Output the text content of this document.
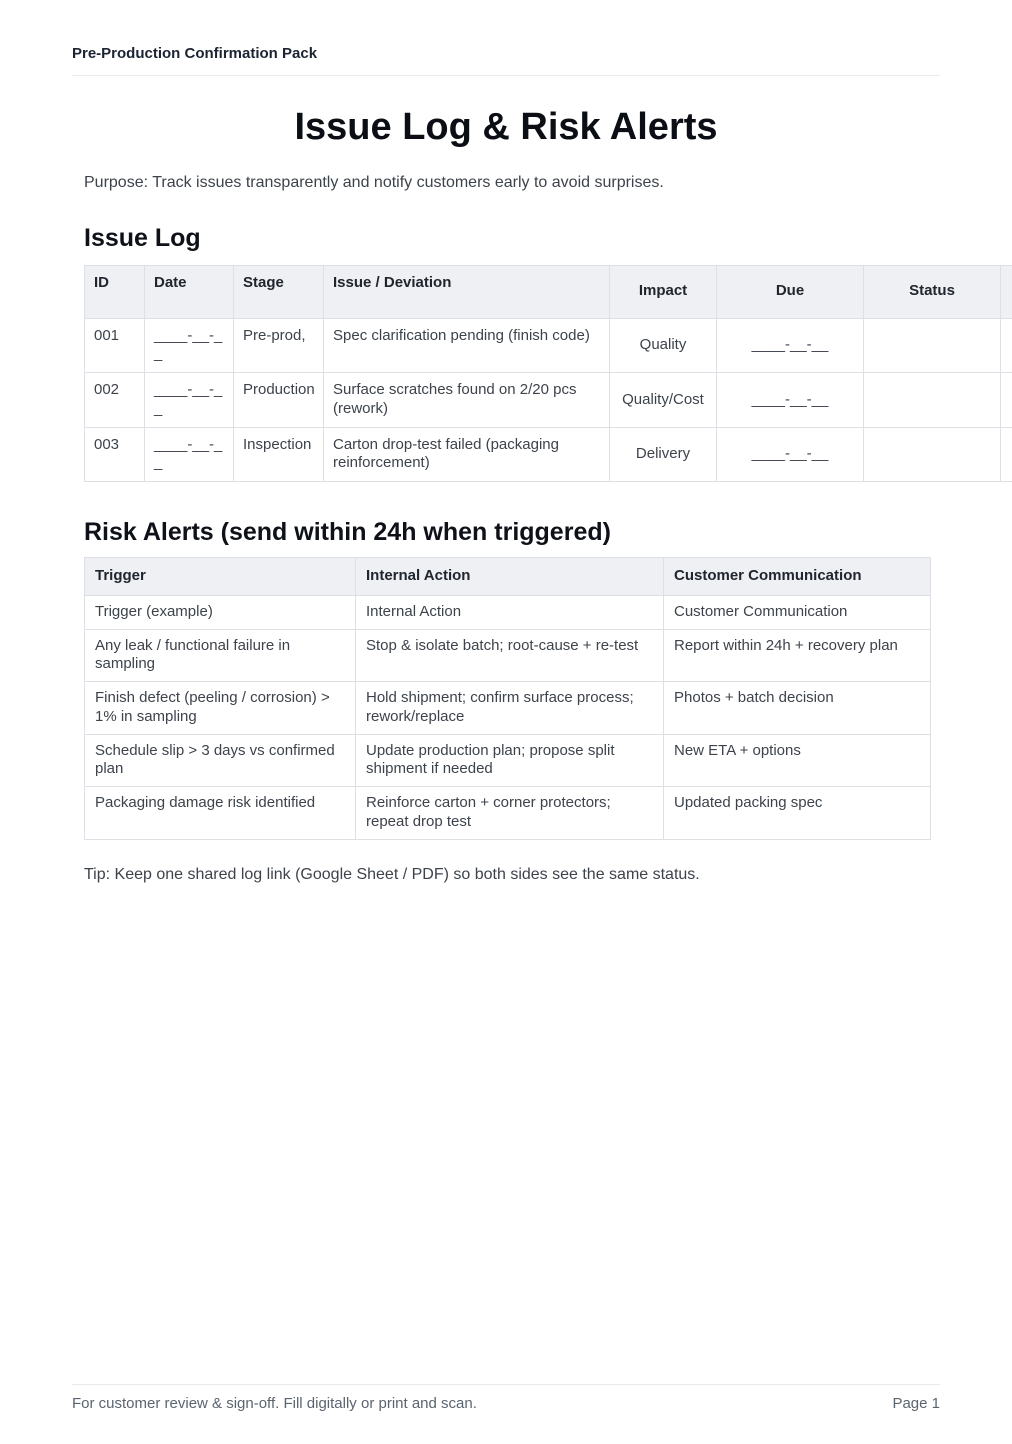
Pre-Production Confirmation Pack
Issue Log & Risk Alerts

Purpose: Track issues transparently and notify customers early to avoid surprises.

Issue Log
ID	Date	Stage	Issue / Deviation	Impact	Due	Status	
001	____-__-__	Pre-prod,	Spec clarification pending (finish code)	Quality	____-__-__		
002	____-__-__	Production	Surface scratches found on 2/20 pcs (rework)	Quality/Cost	____-__-__		
003	____-__-__	Inspection	Carton drop-test failed (packaging reinforcement)	Delivery	____-__-__		
Risk Alerts (send within 24h when triggered)
Trigger	Internal Action	Customer Communication
Trigger (example)	Internal Action	Customer Communication
Any leak / functional failure in sampling	Stop & isolate batch; root-cause + re-test	Report within 24h + recovery plan
Finish defect (peeling / corrosion) > 1% in sampling	Hold shipment; confirm surface process; rework/replace	Photos + batch decision
Schedule slip > 3 days vs confirmed plan	Update production plan; propose split shipment if needed	New ETA + options
Packaging damage risk identified	Reinforce carton + corner protectors; repeat drop test	Updated packing spec

Tip: Keep one shared log link (Google Sheet / PDF) so both sides see the same status.

For customer review & sign-off. Fill digitally or print and scan.	Page 1
